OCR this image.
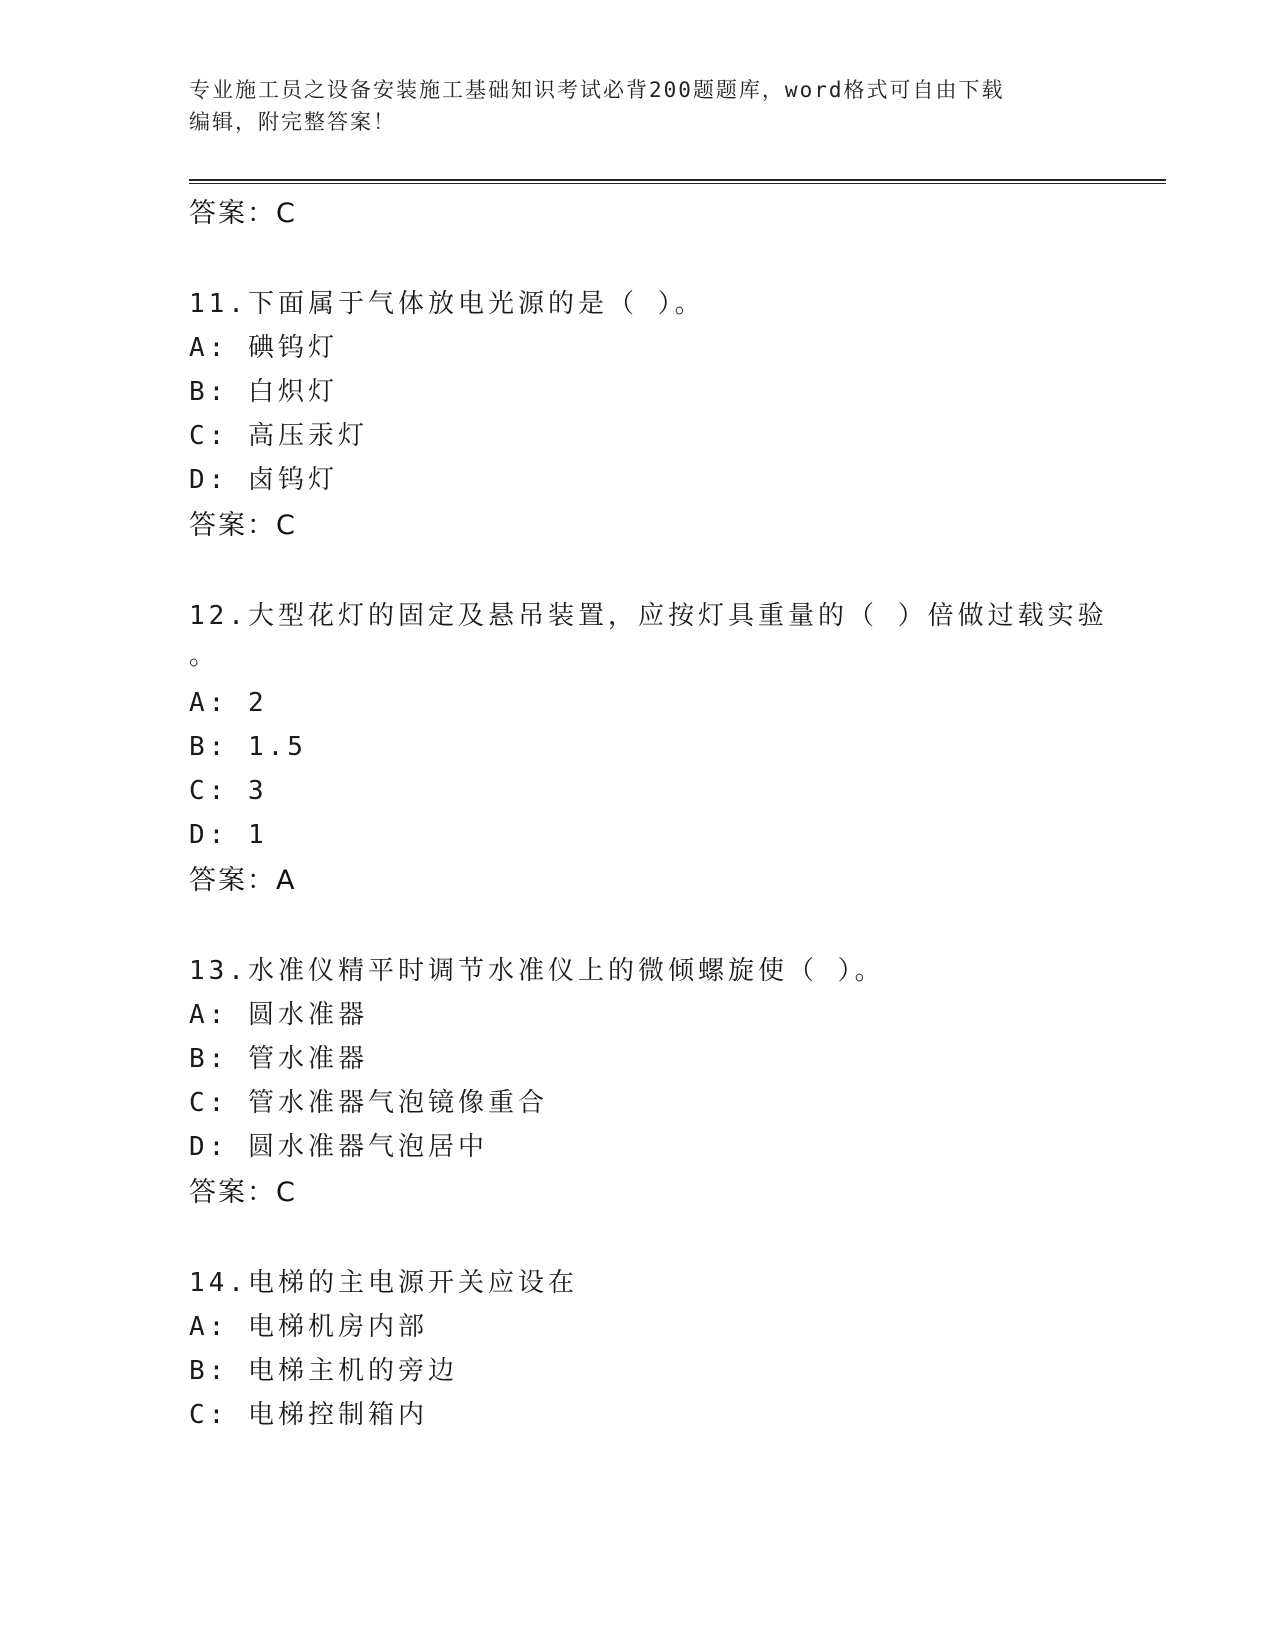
专业施工员之设备安装施工基础知识考试必背200题题库，word格式可自由下载
编辑，附完整答案！
答案：C
11.下面属于气体放电光源的是（ ）。
A: 碘钨灯
B: 白炽灯
C: 高压汞灯
D: 卤钨灯
答案：C
12.大型花灯的固定及悬吊装置，应按灯具重量的（ ）倍做过载实验
。
A: 2
B: 1.5
C: 3
D: 1
答案：A
13.水准仪精平时调节水准仪上的微倾螺旋使（ ）。
A: 圆水准器
B: 管水准器
C: 管水准器气泡镜像重合
D: 圆水准器气泡居中
答案：C
14.电梯的主电源开关应设在
A: 电梯机房内部
B: 电梯主机的旁边
C: 电梯控制箱内
